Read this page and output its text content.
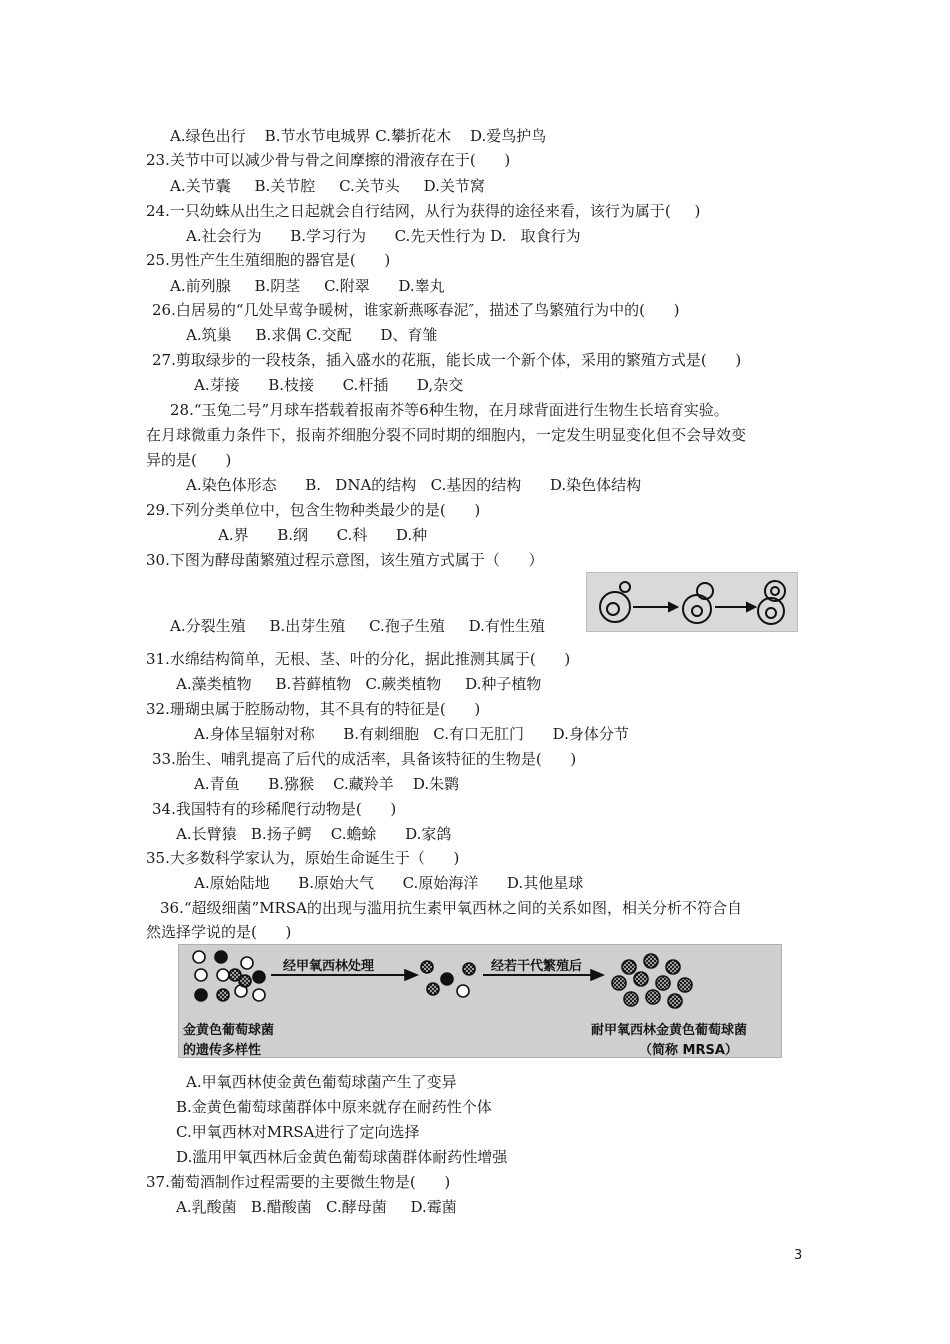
A.绿色出行    B.节水节电城界 C.攀折花木    D.爱鸟护鸟
23.关节中可以减少骨与骨之间摩擦的滑液存在于(      )
A.关节囊     B.关节腔     C.关节头     D.关节窝
24.一只幼蛛从出生之日起就会自行结网，从行为获得的途径来看，该行为属于(     )
A.社会行为      B.学习行为      C.先天性行为 D.   取食行为
25.男性产生生殖细胞的器官是(      )
A.前列腺     B.阴茎     C.附翠      D.睾丸
26.白居易的“几处早莺争暖树，谁家新燕啄春泥″，描述了鸟繁殖行为中的(      )
A.筑巢     B.求偶 C.交配      D、育雏
27.剪取绿步的一段枝条，插入盛水的花瓶，能长成一个新个体，采用的繁殖方式是(      )
A.芽接      B.枝接      C.杆插      D,杂交
28.“玉兔二号”月球车搭载着报南芥等6种生物，在月球背面进行生物生长培育实验。
在月球微重力条件下，报南芥细胞分裂不同时期的细胞内，一定发生明显变化但不会导效变
异的是(      )
A.染色体形态      B.   DNA的结构   C.基因的结构      D.染色体结构
29.下列分类单位中，包含生物种类最少的是(      )
A.界      B.纲      C.科      D.种
30.下图为酵母菌繁殖过程示意图，该生殖方式属于（      ）
A.分裂生殖     B.出芽生殖     C.孢子生殖     D.有性生殖
31.水绵结构简单，无根、茎、叶的分化，据此推测其属于(      )
A.藻类植物     B.苔藓植物   C.蕨类植物     D.种子植物
32.珊瑚虫属于腔肠动物，其不具有的特征是(      )
A.身体呈辐射对称      B.有刺细胞   C.有口无肛门      D.身体分节
33.胎生、哺乳提高了后代的成活率，具备该特征的生物是(      )
A.青鱼      B.猕猴    C.藏羚羊    D.朱鹮
34.我国特有的珍稀爬行动物是(      )
A.长臂猿   B.扬子鳄    C.蟾蜍      D.家鸽
35.大多数科学家认为，原始生命诞生于（      )
A.原始陆地      B.原始大气      C.原始海洋      D.其他星球
36.“超级细菌”MRSA的出现与滥用抗生素甲氧西林之间的关系如图，相关分析不符合自
然选择学说的是(      )
经甲氧西林处理	经若干代繁殖后
金黄色葡萄球菌
的遗传多样性
耐甲氧西林金黄色葡萄球菌
（简称 MRSA）
A.甲氧西林使金黄色葡萄球菌产生了变异
B.金黄色葡萄球菌群体中原来就存在耐药性个体
C.甲氧西林对MRSA进行了定向选择
D.滥用甲氧西林后金黄色葡萄球菌群体耐药性增强
37.葡萄酒制作过程需要的主要微生物是(      )
A.乳酸菌   B.醋酸菌   C.酵母菌     D.霉菌
3
